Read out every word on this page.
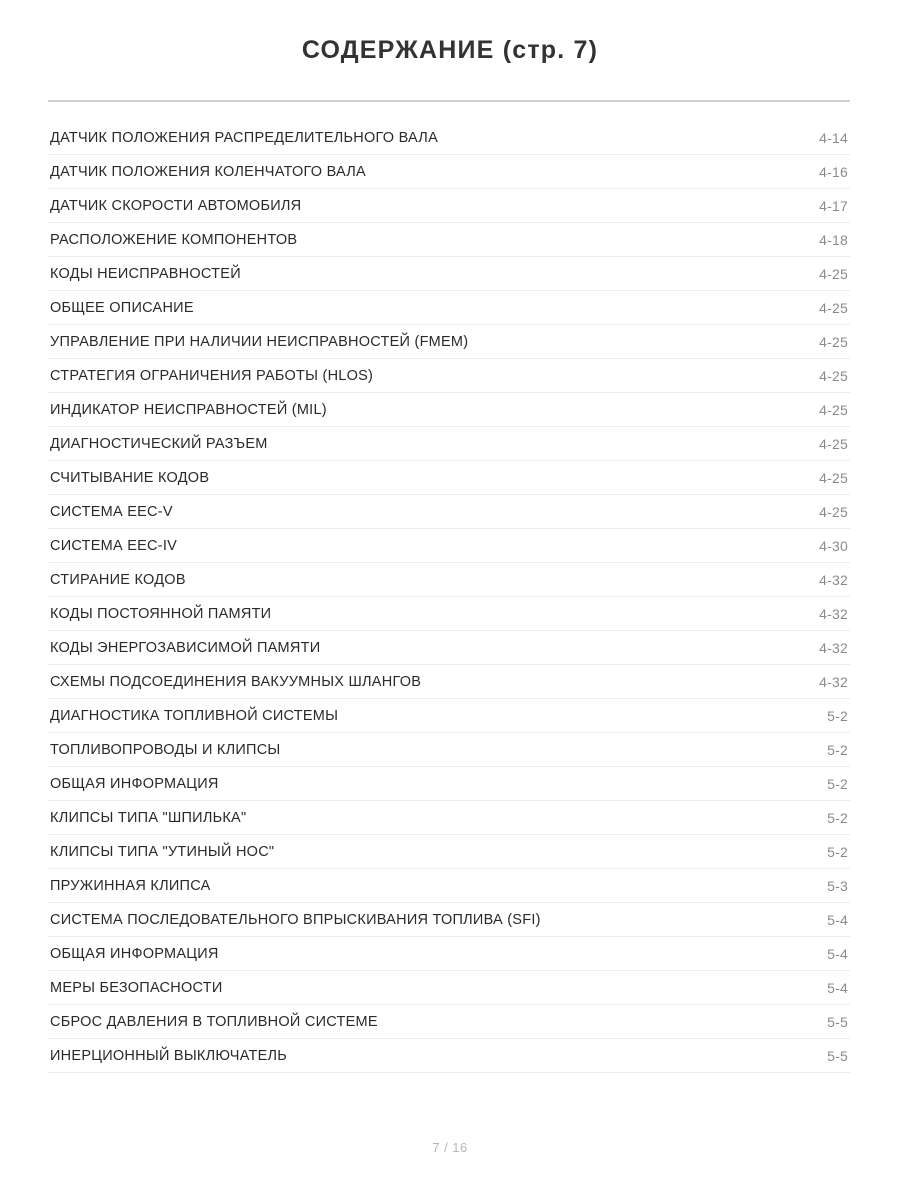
СОДЕРЖАНИЕ (стр. 7)
ДАТЧИК ПОЛОЖЕНИЯ РАСПРЕДЕЛИТЕЛЬНОГО ВАЛА	4-14
ДАТЧИК ПОЛОЖЕНИЯ КОЛЕНЧАТОГО ВАЛА	4-16
ДАТЧИК СКОРОСТИ АВТОМОБИЛЯ	4-17
РАСПОЛОЖЕНИЕ КОМПОНЕНТОВ	4-18
КОДЫ НЕИСПРАВНОСТЕЙ	4-25
ОБЩЕЕ ОПИСАНИЕ	4-25
УПРАВЛЕНИЕ ПРИ НАЛИЧИИ НЕИСПРАВНОСТЕЙ (FMEM)	4-25
СТРАТЕГИЯ ОГРАНИЧЕНИЯ РАБОТЫ (HLOS)	4-25
ИНДИКАТОР НЕИСПРАВНОСТЕЙ (MIL)	4-25
ДИАГНОСТИЧЕСКИЙ РАЗЪЕМ	4-25
СЧИТЫВАНИЕ КОДОВ	4-25
СИСТЕМА EEC-V	4-25
СИСТЕМА EEC-IV	4-30
СТИРАНИЕ КОДОВ	4-32
КОДЫ ПОСТОЯННОЙ ПАМЯТИ	4-32
КОДЫ ЭНЕРГОЗАВИСИМОЙ ПАМЯТИ	4-32
СХЕМЫ ПОДСОЕДИНЕНИЯ ВАКУУМНЫХ ШЛАНГОВ	4-32
ДИАГНОСТИКА ТОПЛИВНОЙ СИСТЕМЫ	5-2
ТОПЛИВОПРОВОДЫ И КЛИПСЫ	5-2
ОБЩАЯ ИНФОРМАЦИЯ	5-2
КЛИПСЫ ТИПА "ШПИЛЬКА"	5-2
КЛИПСЫ ТИПА "УТИНЫЙ НОС"	5-2
ПРУЖИННАЯ КЛИПСА	5-3
СИСТЕМА ПОСЛЕДОВАТЕЛЬНОГО ВПРЫСКИВАНИЯ ТОПЛИВА (SFI)	5-4
ОБЩАЯ ИНФОРМАЦИЯ	5-4
МЕРЫ БЕЗОПАСНОСТИ	5-4
СБРОС ДАВЛЕНИЯ В ТОПЛИВНОЙ СИСТЕМЕ	5-5
ИНЕРЦИОННЫЙ ВЫКЛЮЧАТЕЛЬ	5-5
7 / 16
